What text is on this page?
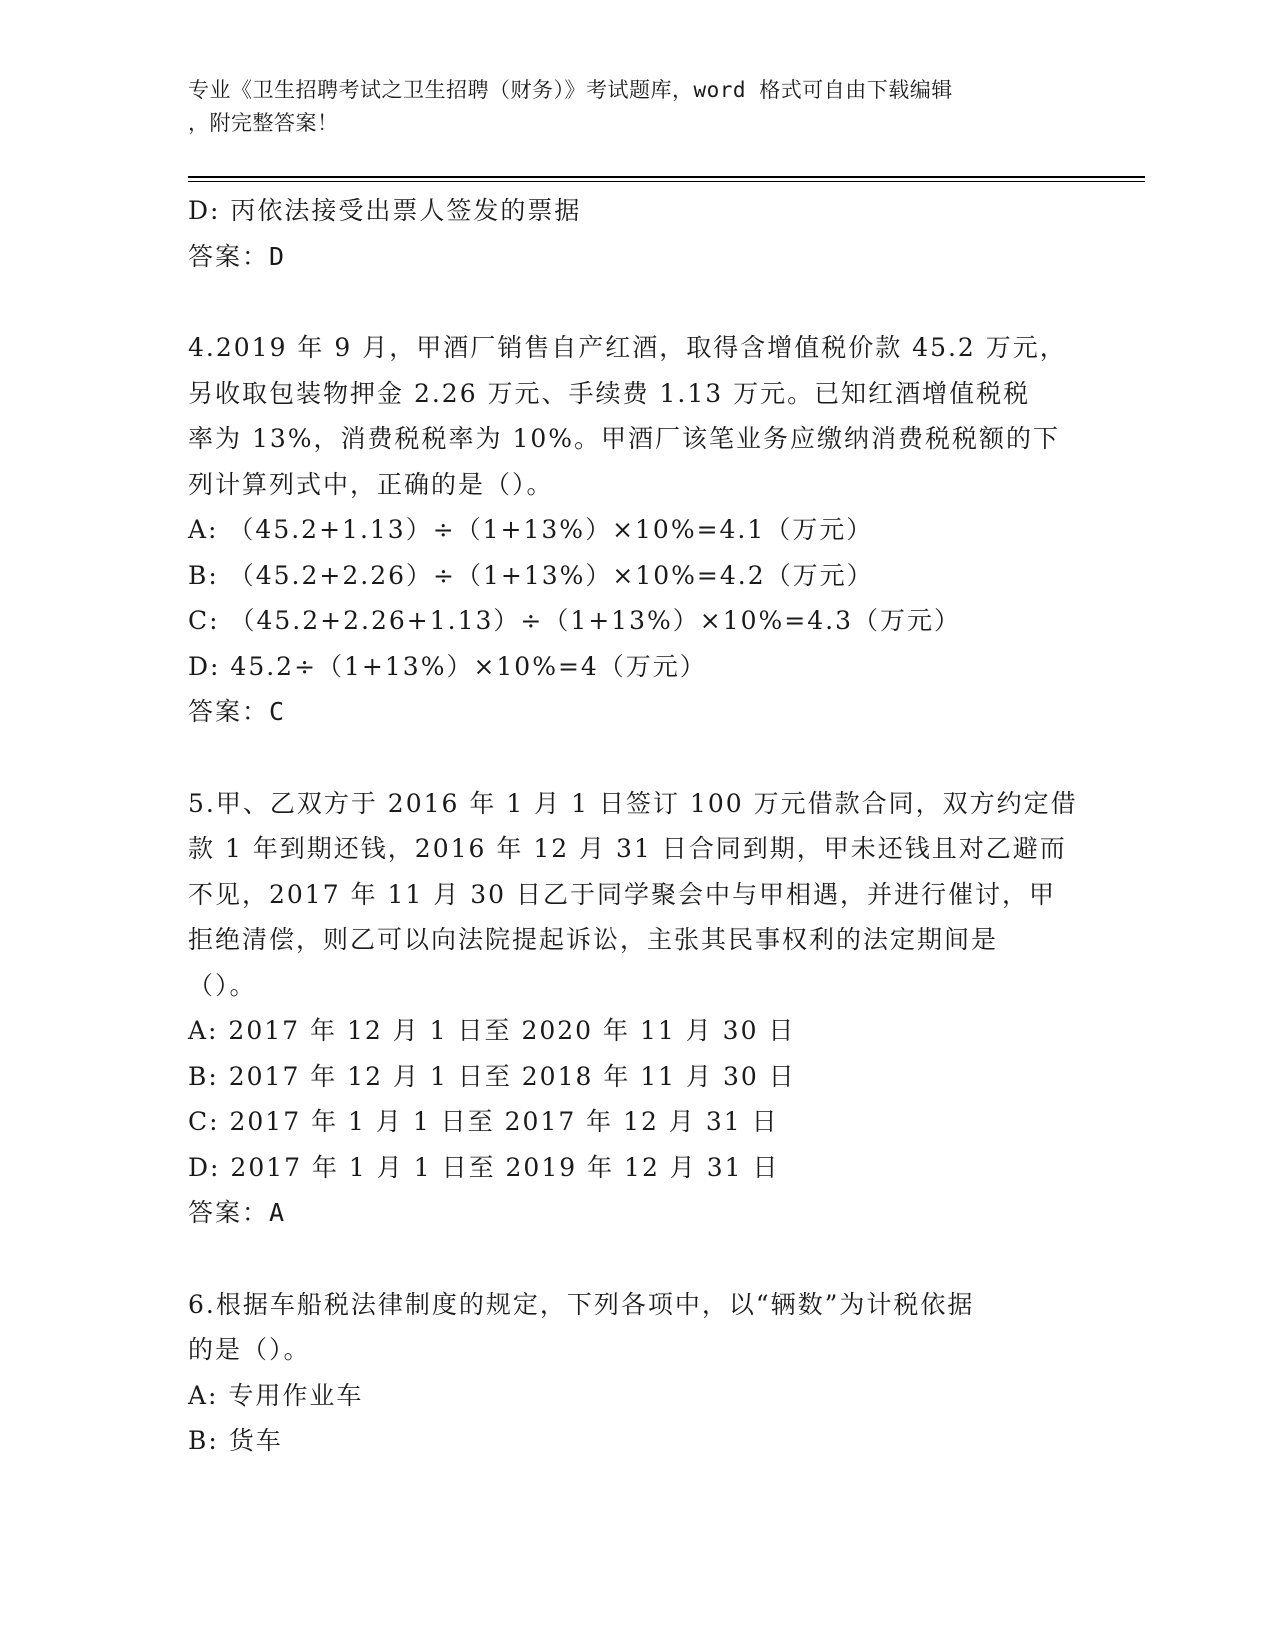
专业《卫生招聘考试之卫生招聘（财务）》考试题库，word 格式可自由下载编辑
，附完整答案！
D: 丙依法接受出票人签发的票据
答案：D
4.2019 年 9 月，甲酒厂销售自产红酒，取得含增值税价款 45.2 万元，
另收取包装物押金 2.26 万元、手续费 1.13 万元。已知红酒增值税税
率为 13%，消费税税率为 10%。甲酒厂该笔业务应缴纳消费税税额的下
列计算列式中，正确的是（）。
A: （45.2+1.13）÷（1+13%）×10%=4.1（万元）
B: （45.2+2.26）÷（1+13%）×10%=4.2（万元）
C: （45.2+2.26+1.13）÷（1+13%）×10%=4.3（万元）
D: 45.2÷（1+13%）×10%=4（万元）
答案：C
5.甲、乙双方于 2016 年 1 月 1 日签订 100 万元借款合同，双方约定借
款 1 年到期还钱，2016 年 12 月 31 日合同到期，甲未还钱且对乙避而
不见，2017 年 11 月 30 日乙于同学聚会中与甲相遇，并进行催讨，甲
拒绝清偿，则乙可以向法院提起诉讼，主张其民事权利的法定期间是
（）。
A: 2017 年 12 月 1 日至 2020 年 11 月 30 日
B: 2017 年 12 月 1 日至 2018 年 11 月 30 日
C: 2017 年 1 月 1 日至 2017 年 12 月 31 日
D: 2017 年 1 月 1 日至 2019 年 12 月 31 日
答案：A
6.根据车船税法律制度的规定，下列各项中，以“辆数”为计税依据
的是（）。
A: 专用作业车
B: 货车
